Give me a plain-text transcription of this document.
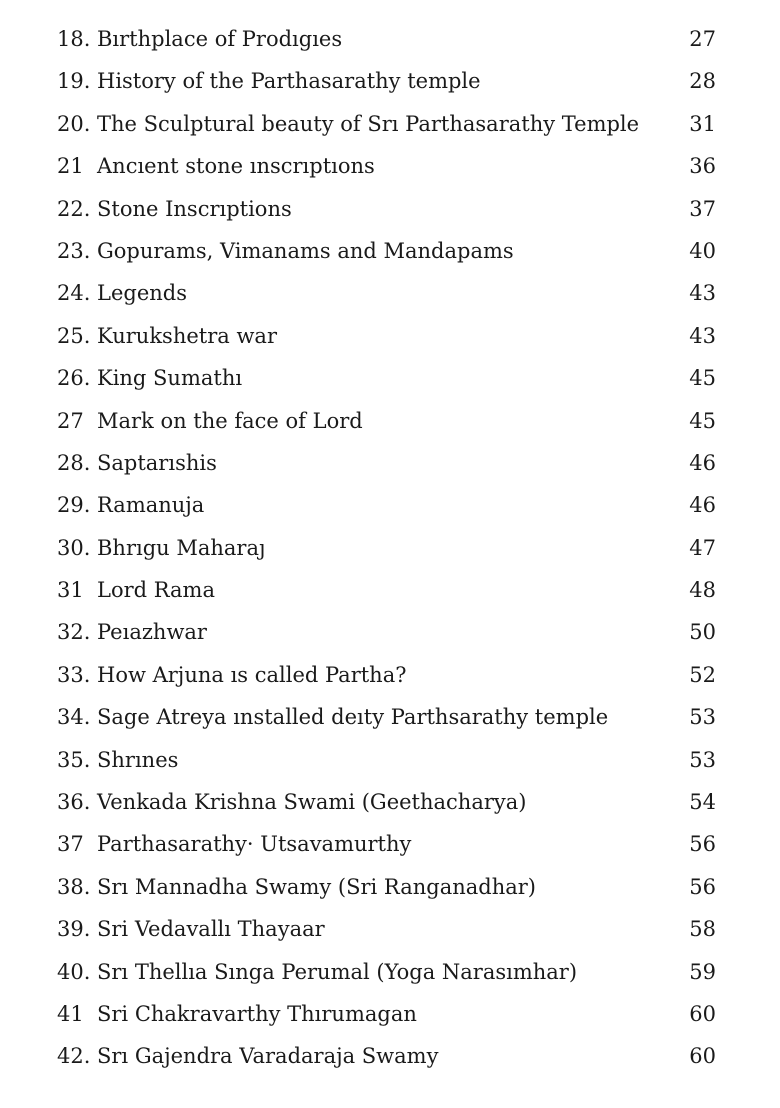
18. Bırthplace of Prodıgıes	27
19. History of the Parthasarathy temple	28
20. The Sculptural beauty of Srı Parthasarathy Temple 31
21 Ancıent stone ınscrıptıons	36
22. Stone Inscrıptions	37
23. Gopurams, Vimanams and Mandapams	40
24. Legends	43
25. Kurukshetra war	43
26. King Sumathı	45
27 Mark on the face of Lord	45
28. Saptarıshis	46
29. Ramanuja	46
30. Bhrıgu Maharaȷ	47
31 Lord Rama	48
32. Peıazhwar	50
33. How Arjuna ıs called Partha?	52
34. Sage Atreya ınstalled deıty Parthsarathy temple	53
35. Shrınes	53
36. Venkada Krishna Swami (Geethacharya)	54
37 Parthasarathy· Utsavamurthy	56
38. Srı Mannadha Swamy (Sri Ranganadhar)	56
39. Sri Vedavallı Thayaar	58
40. Srı Thellıa Sınga Perumal (Yoga Narasımhar)	59
41 Sri Chakravarthy Thırumagan	60
42. Srı Gajendra Varadaraja Swamy	60
